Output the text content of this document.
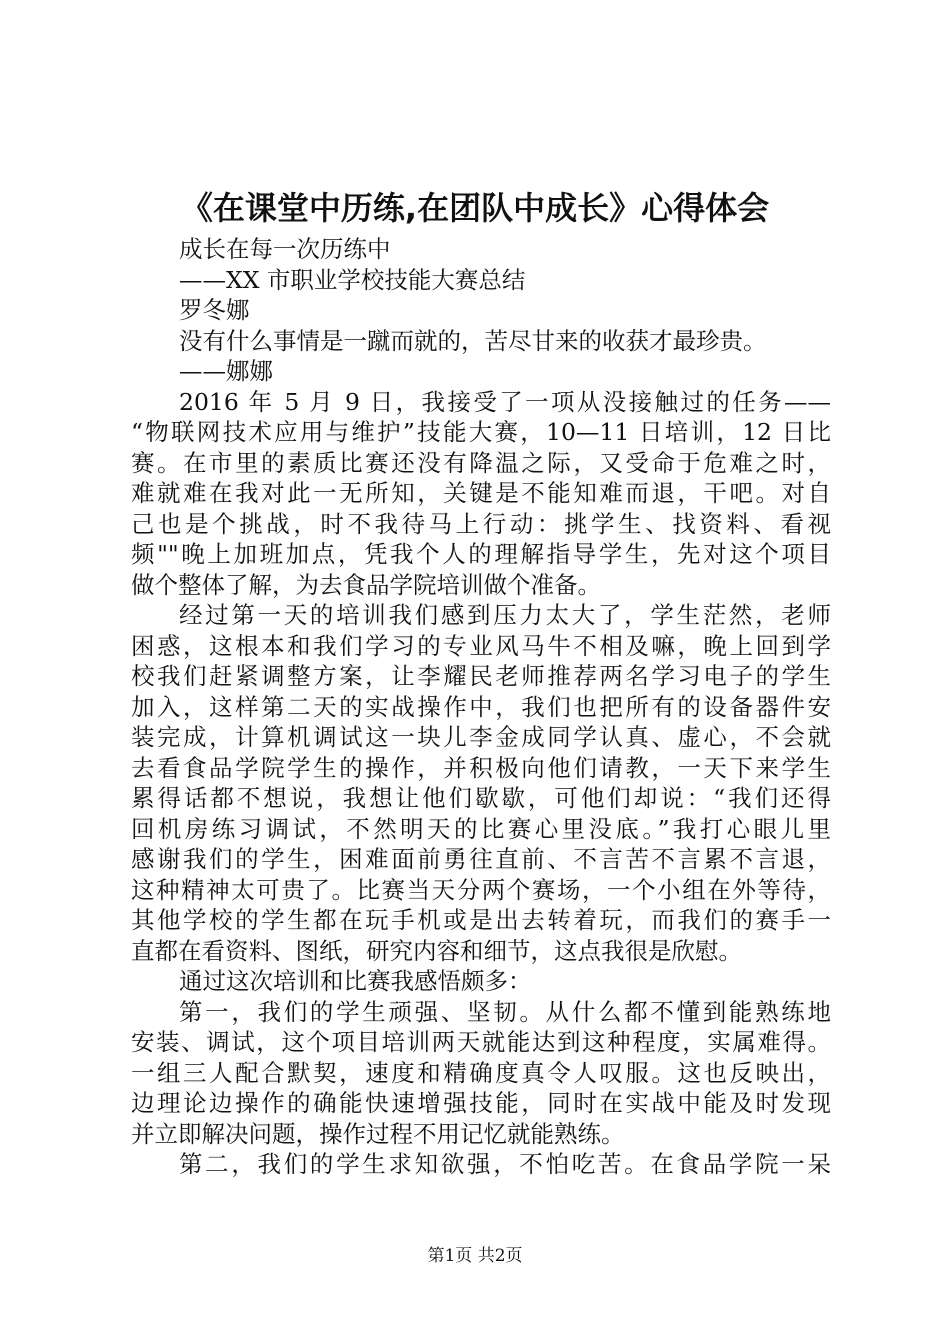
《在课堂中历练,在团队中成长》心得体会
成长在每一次历练中
——XX 市职业学校技能大赛总结
罗冬娜
没有什么事情是一蹴而就的，苦尽甘来的收获才最珍贵。
——娜娜
2016 年 5 月 9 日，我接受了一项从没接触过的任务——
“物联网技术应用与维护”技能大赛，10—11 日培训，12 日比
赛。在市里的素质比赛还没有降温之际，又受命于危难之时，
难就难在我对此一无所知，关键是不能知难而退，干吧。对自
己也是个挑战，时不我待马上行动：挑学生、找资料、看视
频""晚上加班加点，凭我个人的理解指导学生，先对这个项目
做个整体了解，为去食品学院培训做个准备。
经过第一天的培训我们感到压力太大了，学生茫然，老师
困惑，这根本和我们学习的专业风马牛不相及嘛，晚上回到学
校我们赶紧调整方案，让李耀民老师推荐两名学习电子的学生
加入，这样第二天的实战操作中，我们也把所有的设备器件安
装完成，计算机调试这一块儿李金成同学认真、虚心，不会就
去看食品学院学生的操作，并积极向他们请教，一天下来学生
累得话都不想说，我想让他们歇歇，可他们却说：“我们还得
回机房练习调试，不然明天的比赛心里没底。”我打心眼儿里
感谢我们的学生，困难面前勇往直前、不言苦不言累不言退，
这种精神太可贵了。比赛当天分两个赛场，一个小组在外等待，
其他学校的学生都在玩手机或是出去转着玩，而我们的赛手一
直都在看资料、图纸，研究内容和细节，这点我很是欣慰。
通过这次培训和比赛我感悟颇多：
第一，我们的学生顽强、坚韧。从什么都不懂到能熟练地
安装、调试，这个项目培训两天就能达到这种程度，实属难得。
一组三人配合默契，速度和精确度真令人叹服。这也反映出，
边理论边操作的确能快速增强技能，同时在实战中能及时发现
并立即解决问题，操作过程不用记忆就能熟练。
第二，我们的学生求知欲强，不怕吃苦。在食品学院一呆
第1页 共2页
